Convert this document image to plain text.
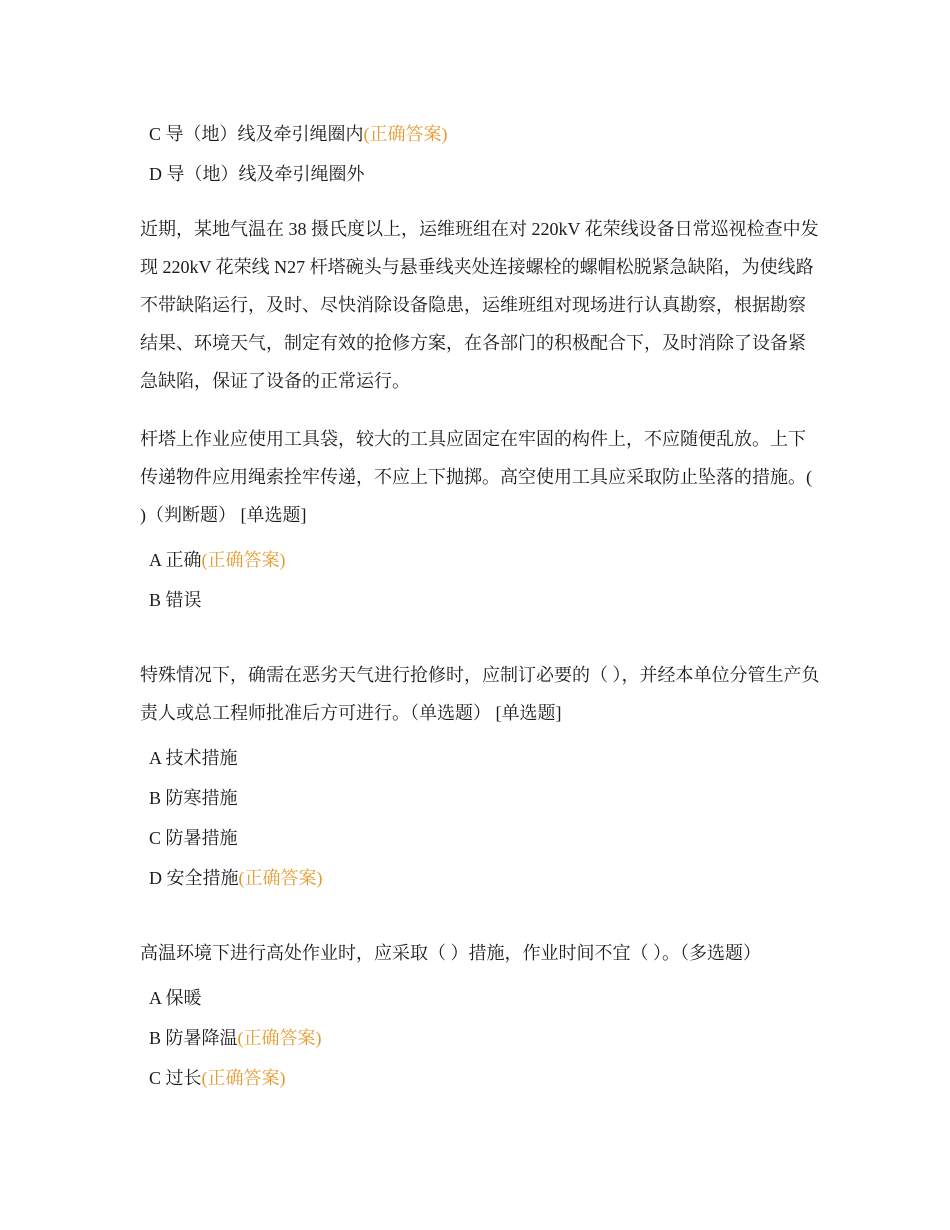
C 导（地）线及牵引绳圈内(正确答案)
D 导（地）线及牵引绳圈外
近期，某地气温在 38 摄氏度以上，运维班组在对 220kV 花荣线设备日常巡视检查中发现 220kV 花荣线 N27 杆塔碗头与悬垂线夹处连接螺栓的螺帽松脱紧急缺陷，为使线路不带缺陷运行，及时、尽快消除设备隐患，运维班组对现场进行认真勘察，根据勘察结果、环境天气，制定有效的抢修方案，在各部门的积极配合下，及时消除了设备紧急缺陷，保证了设备的正常运行。
杆塔上作业应使用工具袋，较大的工具应固定在牢固的构件上，不应随便乱放。上下传递物件应用绳索拴牢传递，不应上下抛掷。高空使用工具应采取防止坠落的措施。( )（判断题） [单选题]
A 正确(正确答案)
B 错误
特殊情况下，确需在恶劣天气进行抢修时，应制订必要的（ ），并经本单位分管生产负责人或总工程师批准后方可进行。（单选题） [单选题]
A 技术措施
B 防寒措施
C 防暑措施
D 安全措施(正确答案)
高温环境下进行高处作业时，应采取（ ）措施，作业时间不宜（ ）。（多选题）
A 保暖
B 防暑降温(正确答案)
C 过长(正确答案)
